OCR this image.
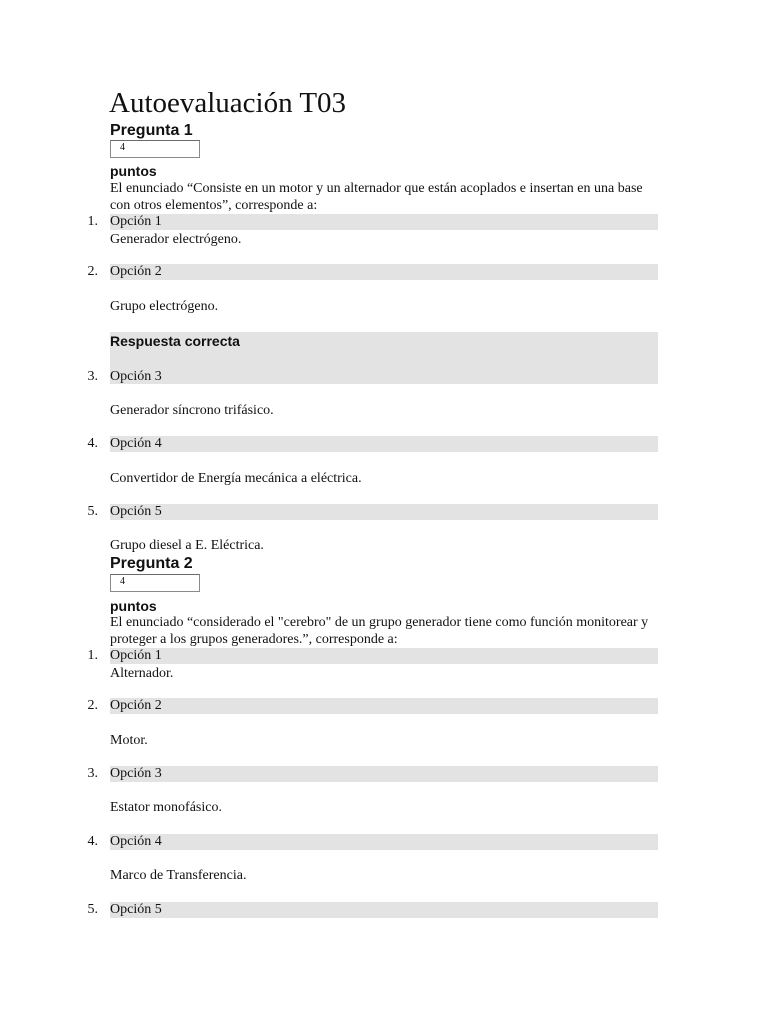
Autoevaluación T03
Pregunta 1
4
puntos
El enunciado “Consiste en un motor y un alternador que están acoplados e insertan en una base con otros elementos”, corresponde a:
1. Opción 1
Generador electrógeno.
2. Opción 2
Grupo electrógeno.
Respuesta correcta
3. Opción 3
Generador síncrono trifásico.
4. Opción 4
Convertidor de Energía mecánica a eléctrica.
5. Opción 5
Grupo diesel a E. Eléctrica.
Pregunta 2
4
puntos
El enunciado “considerado el "cerebro" de un grupo generador tiene como función monitorear y proteger a los grupos generadores.”, corresponde a:
1. Opción 1
Alternador.
2. Opción 2
Motor.
3. Opción 3
Estator monofásico.
4. Opción 4
Marco de Transferencia.
5. Opción 5
